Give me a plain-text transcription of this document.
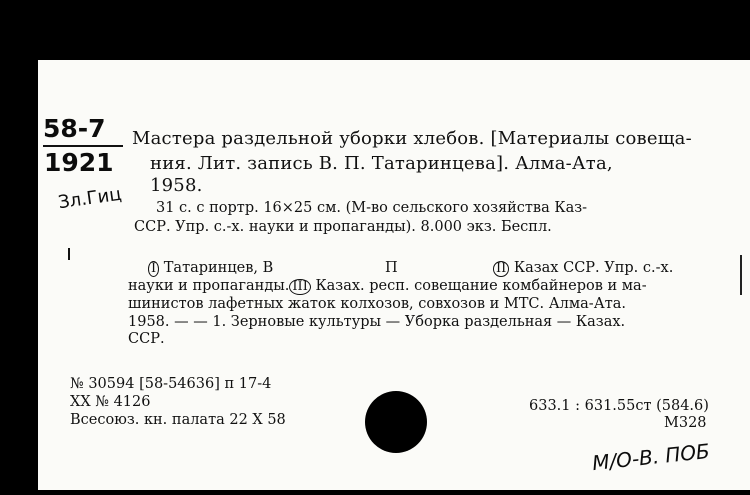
58-7
1921
Зл.Гиц
Мастера раздельной уборки хлебов. [Материалы совеща-
ния. Лит. запись В. П. Татаринцева]. Алма-Ата,
1958.
31 с. с портр. 16×25 см. (М-во сельского хозяйства Каз-
ССР. Упр. с.-х. науки и пропаганды). 8.000 экз. Беспл.
I Татаринцев, В	П	II Казах ССР. Упр. с.-х.
науки и пропаганды. III Казах. респ. совещание комбайнеров и ма-
шинистов лафетных жаток колхозов, совхозов и МТС. Алма-Ата.
1958. — — 1. Зерновые культуры — Уборка раздельная — Казах.
ССР.
№ 30594 [58-54636] п 17-4
XX № 4126
Всесоюз. кн. палата 22 X 58
633.1 : 631.55ст (584.6)
М328
М/О-В. ПОБ
